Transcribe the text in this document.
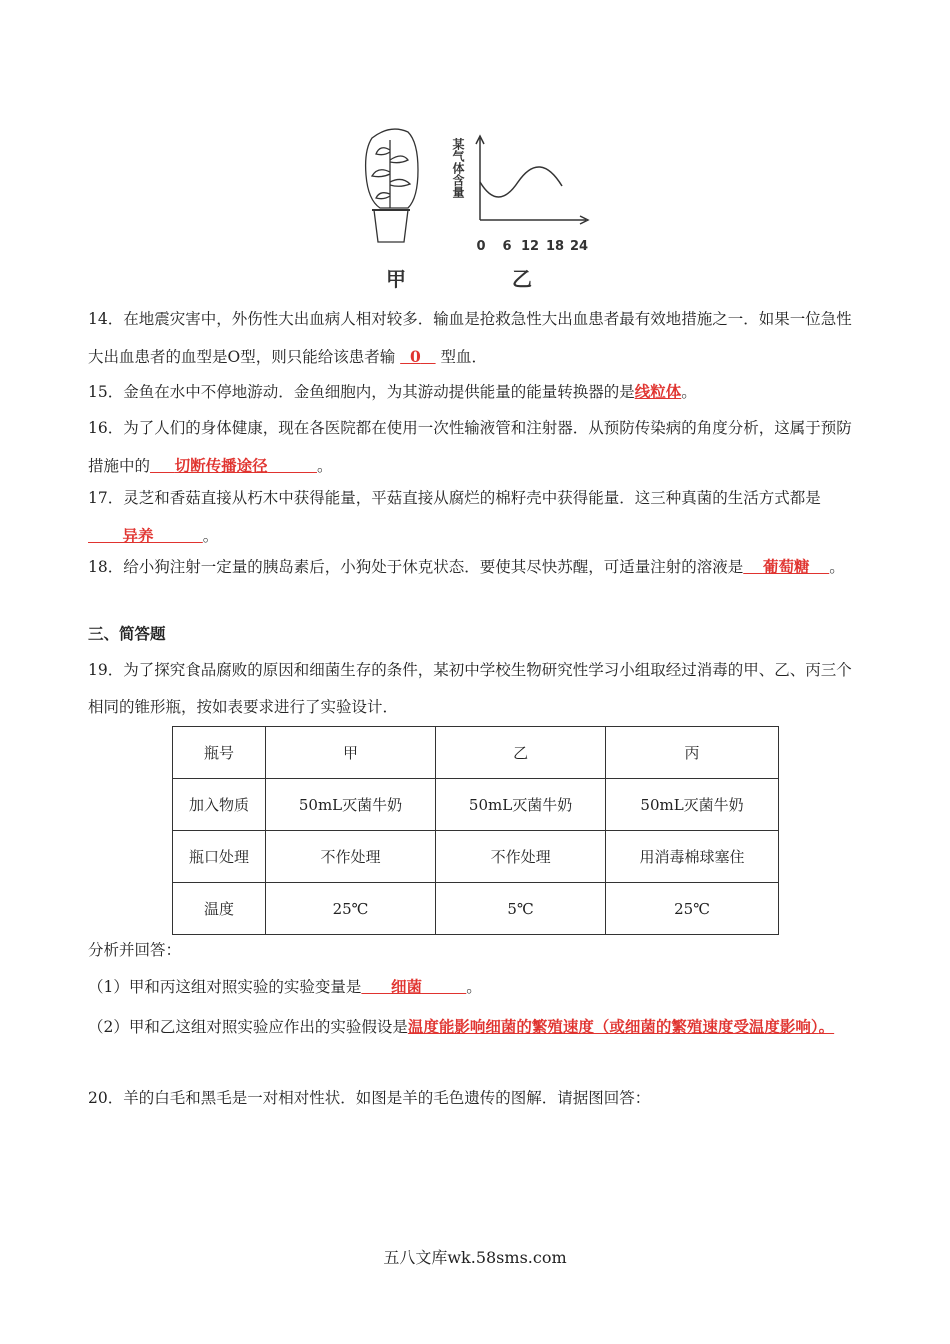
某气体含量
0 6 12 18 24
甲	乙
14．在地震灾害中，外伤性大出血病人相对较多．输血是抢救急性大出血患者最有效地措施之一．如果一位急性大出血患者的血型是O型，则只能给该患者输 0 型血．
15．金鱼在水中不停地游动．金鱼细胞内，为其游动提供能量的能量转换器的是线粒体。
16．为了人们的身体健康，现在各医院都在使用一次性输液管和注射器．从预防传染病的角度分析，这属于预防措施中的 切断传播途径	。
17．灵芝和香菇直接从朽木中获得能量，平菇直接从腐烂的棉籽壳中获得能量．这三种真菌的生活方式都是       异养	。
18．给小狗注射一定量的胰岛素后，小狗处于休克状态．要使其尽快苏醒，可适量注射的溶液是 葡萄糖 。
三、简答题
19．为了探究食品腐败的原因和细菌生存的条件，某初中学校生物研究性学习小组取经过消毒的甲、乙、丙三个相同的锥形瓶，按如表要求进行了实验设计．
瓶号	甲	乙	丙
加入物质	50mL灭菌牛奶	50mL灭菌牛奶	50mL灭菌牛奶
瓶口处理	不作处理	不作处理	用消毒棉球塞住
温度	25℃	5℃	25℃
分析并回答：
（1）甲和丙这组对照实验的实验变量是 细菌	。
（2）甲和乙这组对照实验应作出的实验假设是温度能影响细菌的繁殖速度（或细菌的繁殖速度受温度影响）。
20．羊的白毛和黑毛是一对相对性状．如图是羊的毛色遗传的图解．请据图回答：
五八文库wk.58sms.com
